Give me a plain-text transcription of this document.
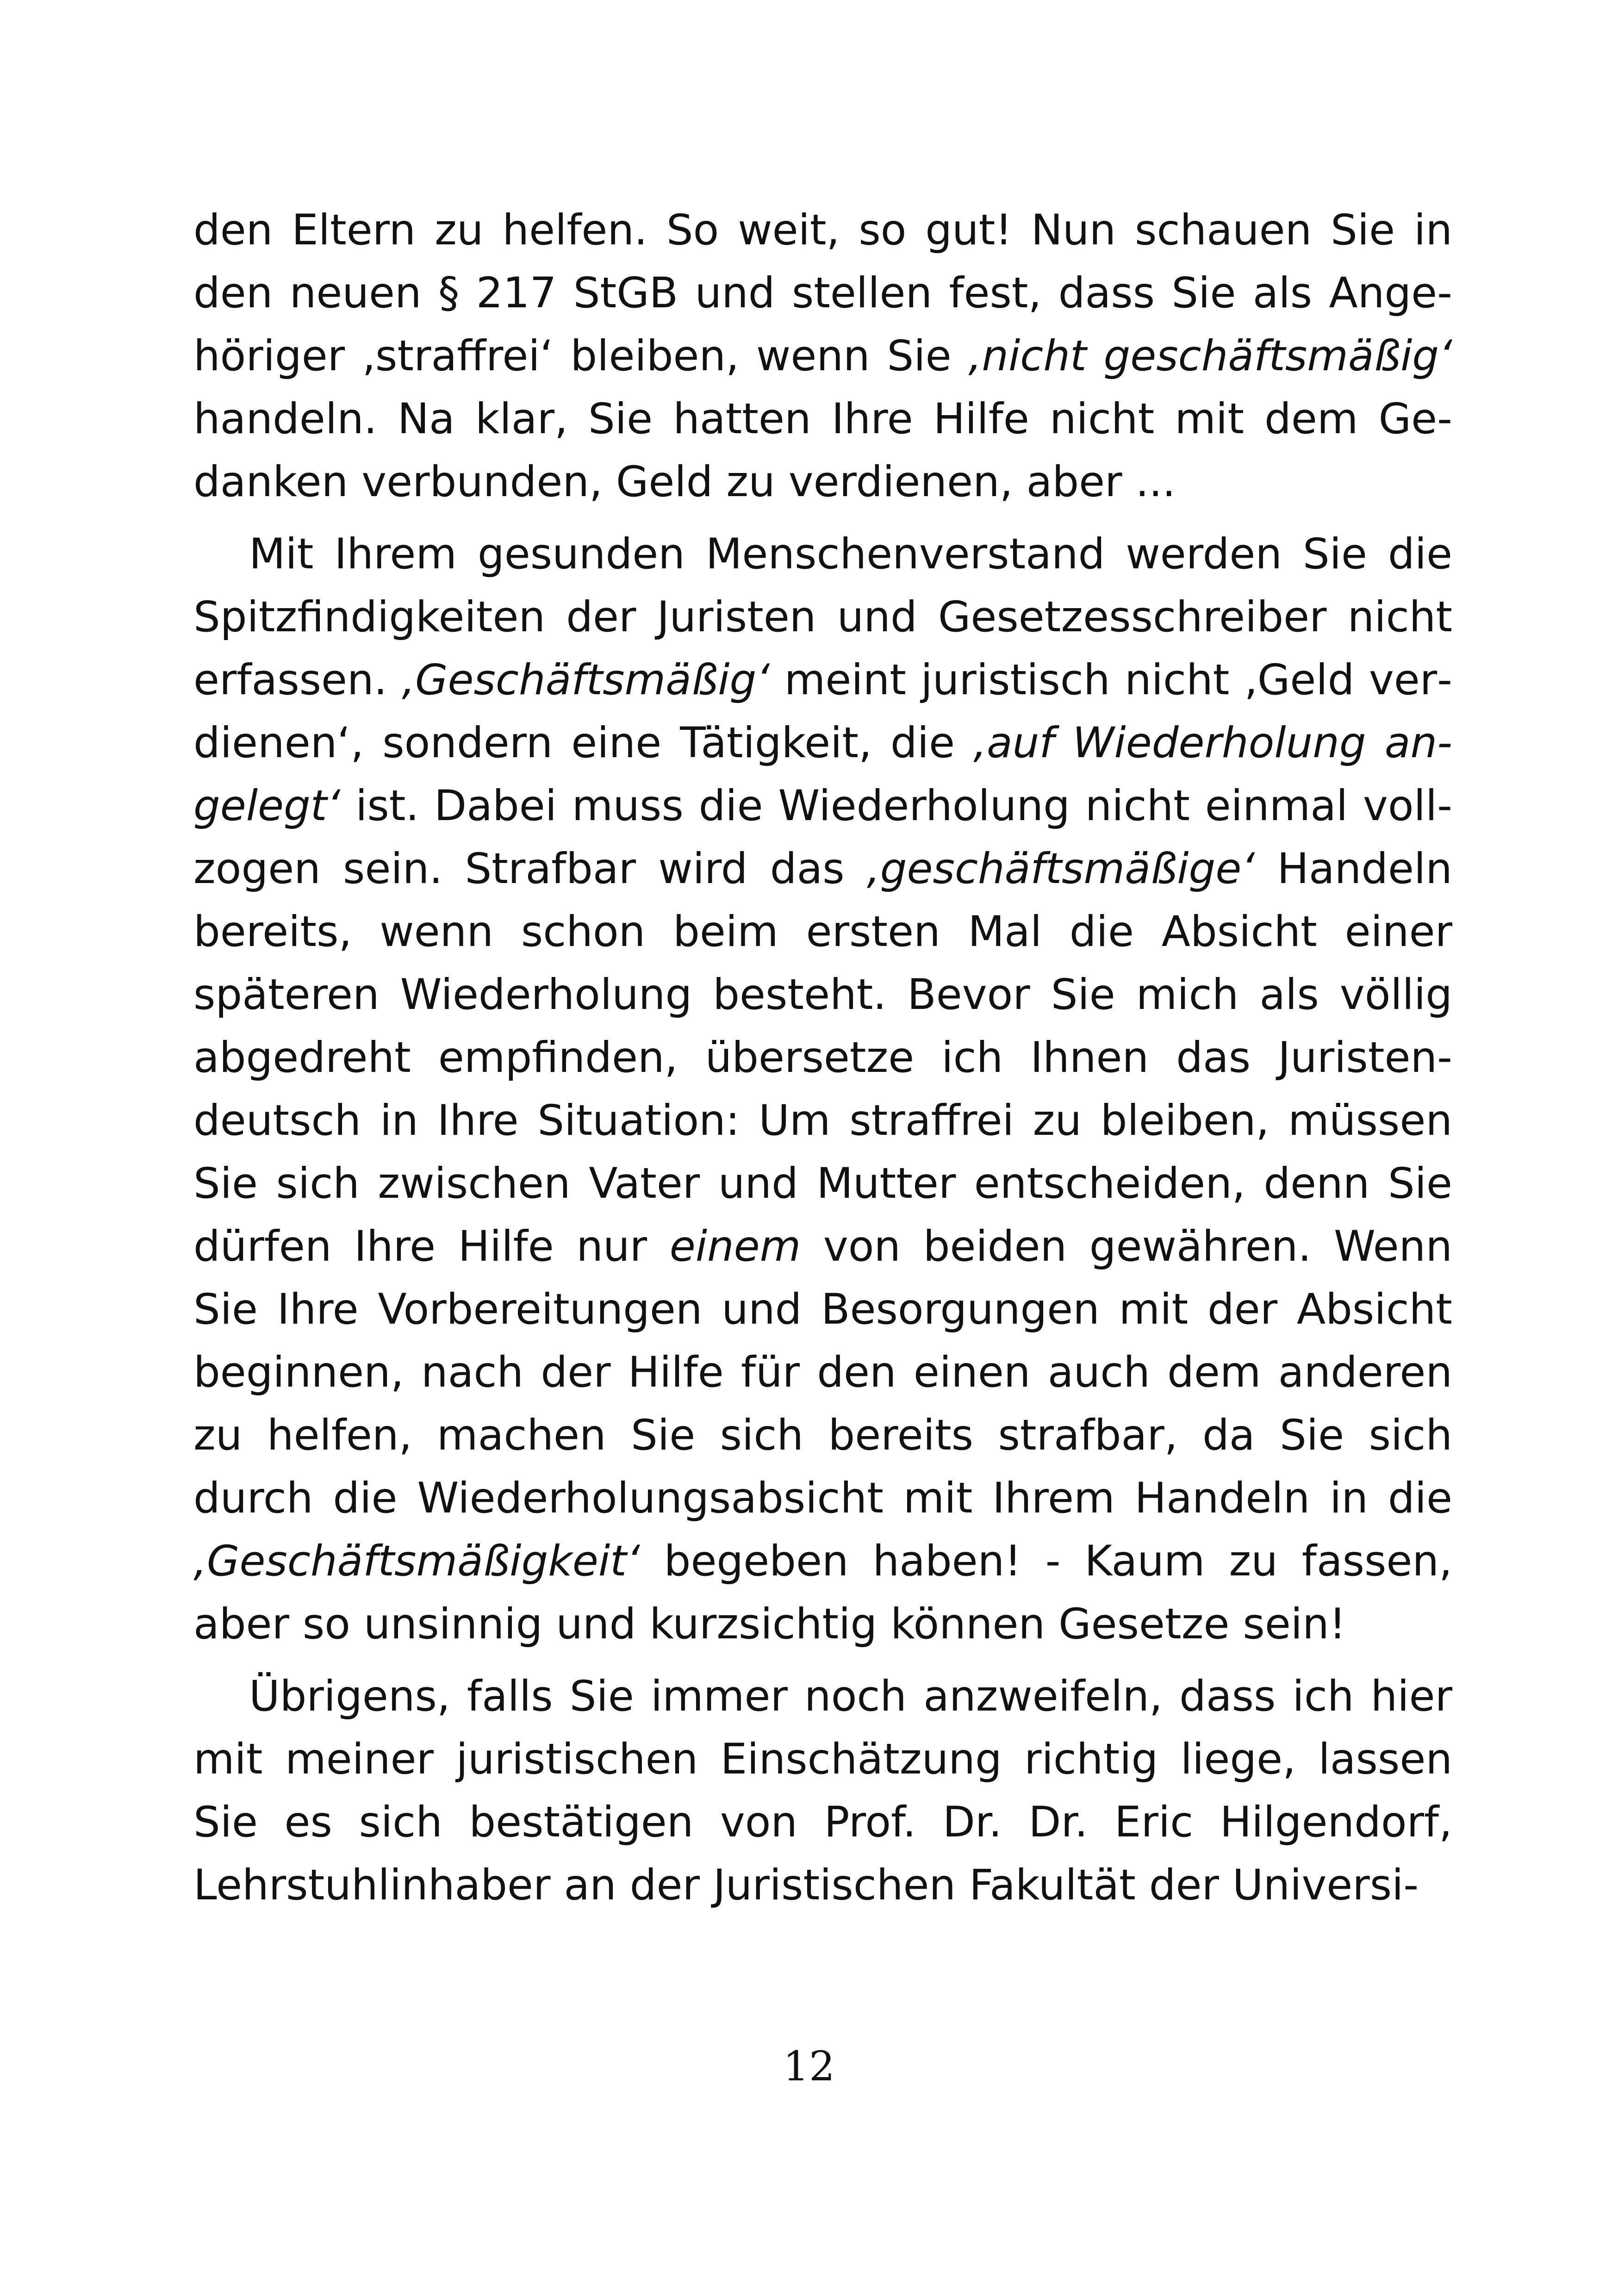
den Eltern zu helfen. So weit, so gut! Nun schauen Sie in den neuen § 217 StGB und stellen fest, dass Sie als Angehöriger ‚straffrei‘ bleiben, wenn Sie ‚nicht geschäftsmäßig‘ handeln. Na klar, Sie hatten Ihre Hilfe nicht mit dem Gedanken verbunden, Geld zu verdienen, aber ...

Mit Ihrem gesunden Menschenverstand werden Sie die Spitzfindigkeiten der Juristen und Gesetzesschreiber nicht erfassen. ‚Geschäftsmäßig‘ meint juristisch nicht ‚Geld verdienen‘, sondern eine Tätigkeit, die ‚auf Wiederholung angelegt‘ ist. Dabei muss die Wiederholung nicht einmal vollzogen sein. Strafbar wird das ‚geschäftsmäßige‘ Handeln bereits, wenn schon beim ersten Mal die Absicht einer späteren Wiederholung besteht. Bevor Sie mich als völlig abgedreht empfinden, übersetze ich Ihnen das Juristendeutsch in Ihre Situation: Um straffrei zu bleiben, müssen Sie sich zwischen Vater und Mutter entscheiden, denn Sie dürfen Ihre Hilfe nur einem von beiden gewähren. Wenn Sie Ihre Vorbereitungen und Besorgungen mit der Absicht beginnen, nach der Hilfe für den einen auch dem anderen zu helfen, machen Sie sich bereits strafbar, da Sie sich durch die Wiederholungsabsicht mit Ihrem Handeln in die ‚Geschäftsmäßigkeit‘ begeben haben! - Kaum zu fassen, aber so unsinnig und kurzsichtig können Gesetze sein!

Übrigens, falls Sie immer noch anzweifeln, dass ich hier mit meiner juristischen Einschätzung richtig liege, lassen Sie es sich bestätigen von Prof. Dr. Dr. Eric Hilgendorf, Lehrstuhlinhaber an der Juristischen Fakultät der Universi-

12
